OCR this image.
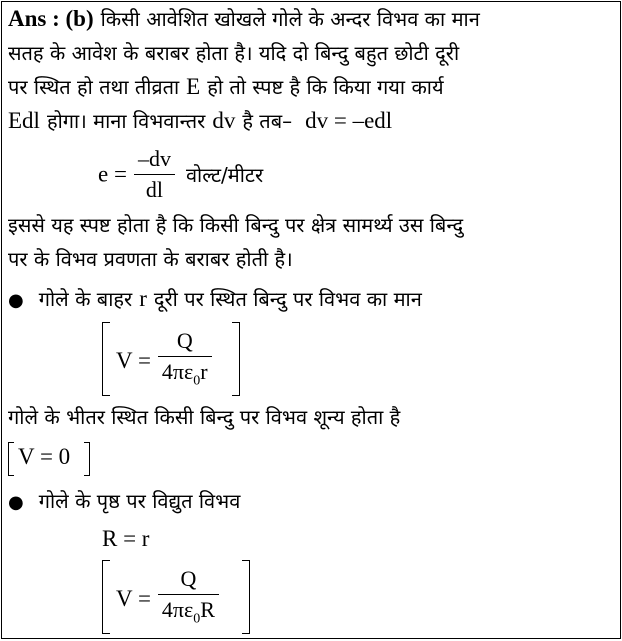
Ans : (b) किसी आवेशित खोखले गोले के अन्दर विभव का मान
सतह के आवेश के बराबर होता है। यदि दो बिन्दु बहुत छोटी दूरी
पर स्थित हो तथा तीव्रता E हो तो स्पष्ट है कि किया गया कार्य
Edl होगा। माना विभवान्तर dv है तब– dv = –edl
$e = \frac{-dv}{dl}$ वोल्ट/मीटर
इससे यह स्पष्ट होता है कि किसी बिन्दु पर क्षेत्र सामर्थ्य उस बिन्दु
पर के विभव प्रवणता के बराबर होती है।
● गोले के बाहर r दूरी पर स्थित बिन्दु पर विभव का मान
$V = \frac{Q}{4\pi\varepsilon_0r}$
गोले के भीतर स्थित किसी बिन्दु पर विभव शून्य होता है
V = 0
● गोले के पृष्ठ पर विद्युत विभव
R = r
$V = \frac{Q}{4\pi\varepsilon_0R}$
